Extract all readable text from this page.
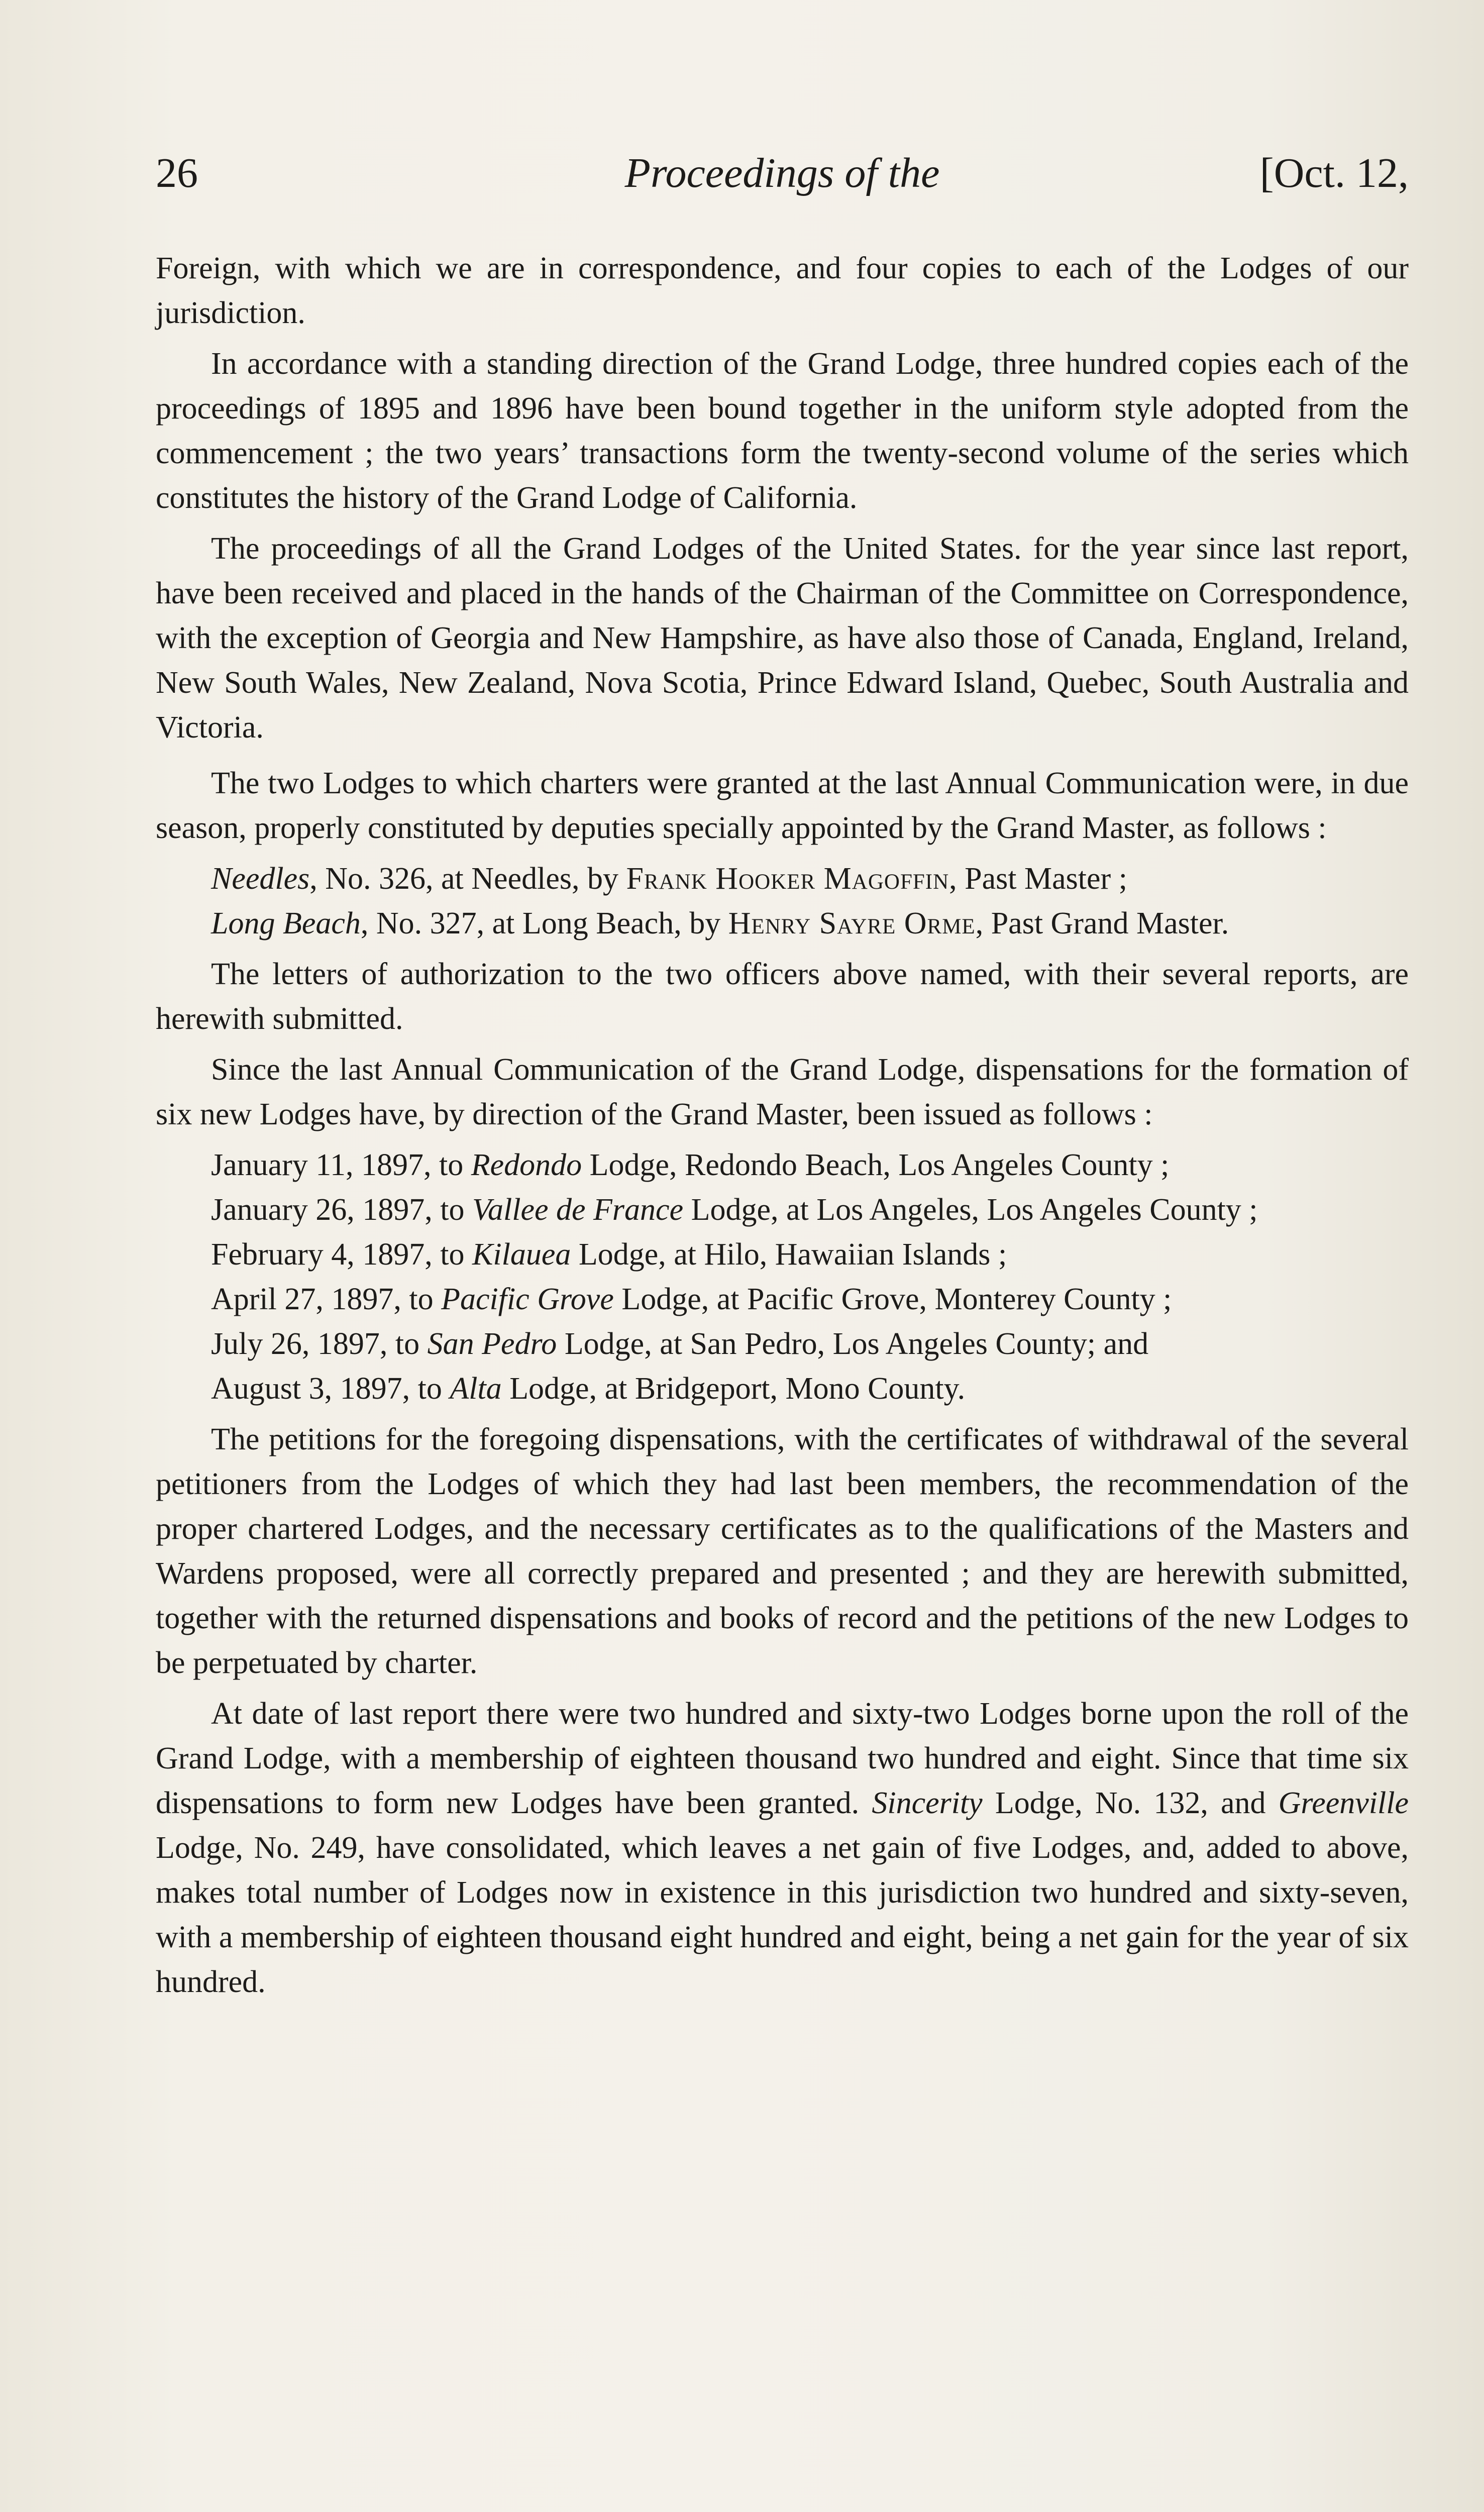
26	Proceedings of the	[Oct. 12,

Foreign, with which we are in correspondence, and four copies to each of the Lodges of our jurisdiction.

In accordance with a standing direction of the Grand Lodge, three hundred copies each of the proceedings of 1895 and 1896 have been bound together in the uniform style adopted from the commencement ; the two years’ transactions form the twenty-second volume of the series which constitutes the history of the Grand Lodge of California.

The proceedings of all the Grand Lodges of the United States. for the year since last report, have been received and placed in the hands of the Chairman of the Committee on Correspondence, with the exception of Georgia and New Hampshire, as have also those of Canada, England, Ireland, New South Wales, New Zealand, Nova Scotia, Prince Edward Island, Quebec, South Australia and Victoria.

The two Lodges to which charters were granted at the last Annual Communication were, in due season, properly constituted by deputies specially appointed by the Grand Master, as follows :

Needles, No. 326, at Needles, by Frank Hooker Magoffin, Past Master ;

Long Beach, No. 327, at Long Beach, by Henry Sayre Orme, Past Grand Master.

The letters of authorization to the two officers above named, with their several reports, are herewith submitted.

Since the last Annual Communication of the Grand Lodge, dispensations for the formation of six new Lodges have, by direction of the Grand Master, been issued as follows :

January 11, 1897, to Redondo Lodge, Redondo Beach, Los Angeles County ;

January 26, 1897, to Vallee de France Lodge, at Los Angeles, Los Angeles County ;

February 4, 1897, to Kilauea Lodge, at Hilo, Hawaiian Islands ;

April 27, 1897, to Pacific Grove Lodge, at Pacific Grove, Monterey County ;

July 26, 1897, to San Pedro Lodge, at San Pedro, Los Angeles County; and

August 3, 1897, to Alta Lodge, at Bridgeport, Mono County.

The petitions for the foregoing dispensations, with the certificates of withdrawal of the several petitioners from the Lodges of which they had last been members, the recommendation of the proper chartered Lodges, and the necessary certificates as to the qualifications of the Masters and Wardens proposed, were all correctly prepared and presented ; and they are herewith submitted, together with the returned dispensations and books of record and the petitions of the new Lodges to be perpetuated by charter.

At date of last report there were two hundred and sixty-two Lodges borne upon the roll of the Grand Lodge, with a membership of eighteen thousand two hundred and eight. Since that time six dispensations to form new Lodges have been granted. Sincerity Lodge, No. 132, and Greenville Lodge, No. 249, have consolidated, which leaves a net gain of five Lodges, and, added to above, makes total number of Lodges now in existence in this jurisdiction two hundred and sixty-seven, with a membership of eighteen thousand eight hundred and eight, being a net gain for the year of six hundred.
